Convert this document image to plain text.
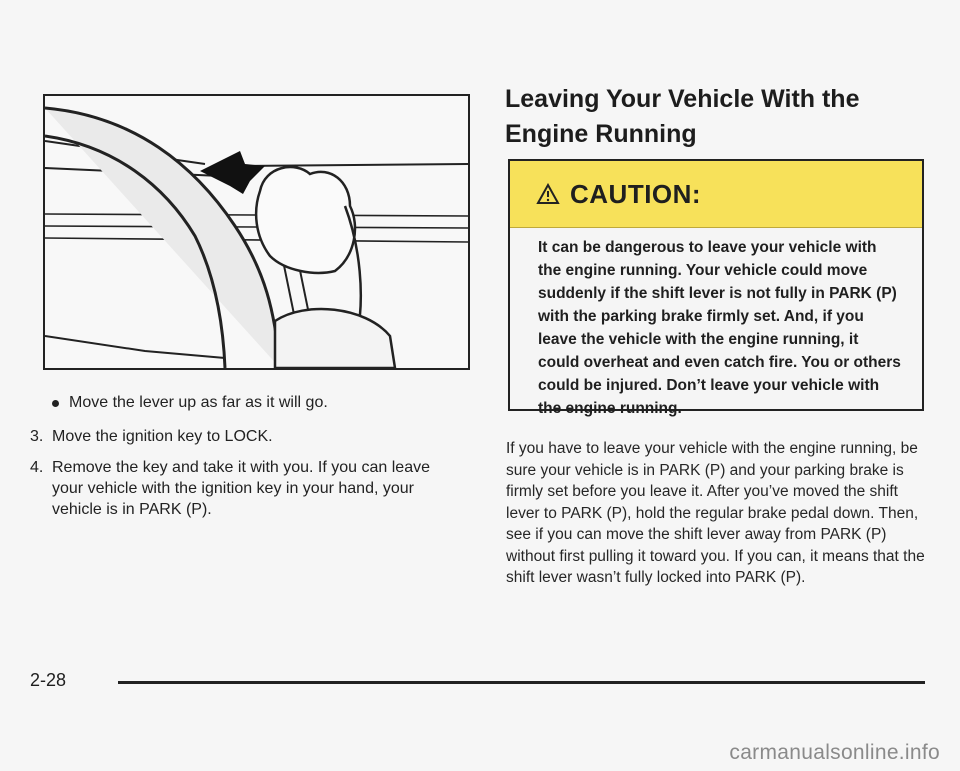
Move the lever up as far as it will go.
3. Move the ignition key to LOCK.
4. Remove the key and take it with you. If you can leave your vehicle with the ignition key in your hand, your vehicle is in PARK (P).
Leaving Your Vehicle With the Engine Running
CAUTION:
It can be dangerous to leave your vehicle with the engine running. Your vehicle could move suddenly if the shift lever is not fully in PARK (P) with the parking brake firmly set. And, if you leave the vehicle with the engine running, it could overheat and even catch fire. You or others could be injured. Don’t leave your vehicle with the engine running.
If you have to leave your vehicle with the engine running, be sure your vehicle is in PARK (P) and your parking brake is firmly set before you leave it. After you’ve moved the shift lever to PARK (P), hold the regular brake pedal down. Then, see if you can move the shift lever away from PARK (P) without first pulling it toward you. If you can, it means that the shift lever wasn’t fully locked into PARK (P).
2-28
carmanualsonline.info
